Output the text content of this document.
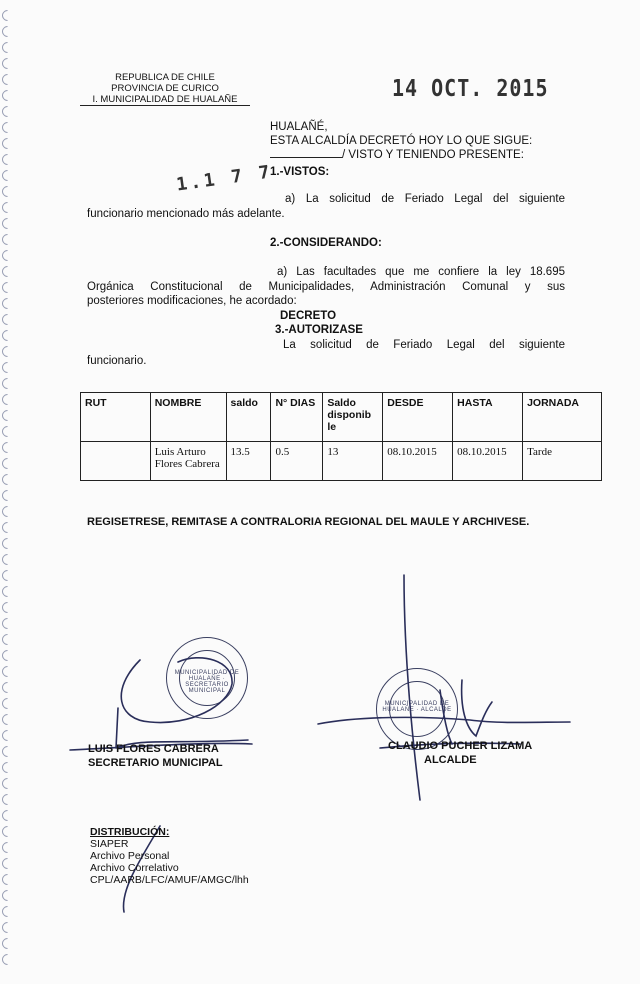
REPUBLICA DE CHILE
PROVINCIA DE CURICO
I. MUNICIPALIDAD DE HUALAÑE	14 OCT. 2015
HUALAÑÉ,
ESTA ALCALDÍA DECRETÓ HOY LO QUE SIGUE:
/ VISTO Y TENIENDO PRESENTE:
1.1 7 7
1.-VISTOS:
a) La solicitud de Feriado Legal del siguiente
funcionario mencionado más adelante.
2.-CONSIDERANDO:
a) Las facultades que me confiere la ley 18.695
Orgánica Constitucional de Municipalidades, Administración Comunal y sus
posteriores modificaciones, he acordado:
DECRETO
3.-AUTORIZASE
La solicitud de Feriado Legal del siguiente
funcionario.
RUT	NOMBRE	saldo	N° DIAS	Saldo disponib le	DESDE	HASTA	JORNADA

	Luis Arturo
Flores Cabrera	13.5	0.5	13	08.10.2015	08.10.2015	Tarde
REGISETRESE, REMITASE A CONTRALORIA REGIONAL DEL MAULE Y ARCHIVESE.
MUNICIPALIDAD DE HUALAÑE · SECRETARIO MUNICIPAL
MUNICIPALIDAD DE HUALAÑE · ALCALDE
LUIS FLORES CABRERA
SECRETARIO MUNICIPAL
CLAUDIO PUCHER LIZAMA
ALCALDE
DISTRIBUCIÓN:
SIAPER
Archivo Personal
Archivo Correlativo
CPL/AARB/LFC/AMUF/AMGC/lhh
